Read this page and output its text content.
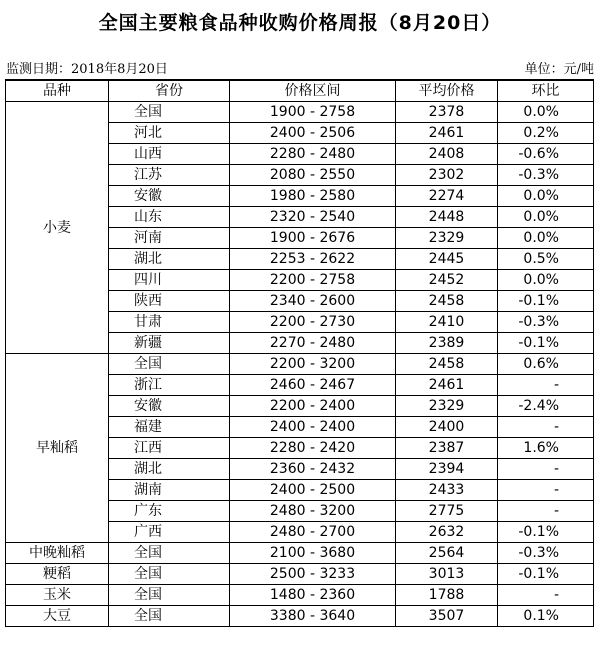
全国主要粮食品种收购价格周报（8月20日）
监测日期：2018年8月20日	单位：元/吨
品种	省份	价格区间	平均价格	环比
小麦	全国	1900 - 2758	2378	0.0%
	河北	2400 - 2506	2461	0.2%
	山西	2280 - 2480	2408	-0.6%
	江苏	2080 - 2550	2302	-0.3%
	安徽	1980 - 2580	2274	0.0%
	山东	2320 - 2540	2448	0.0%
	河南	1900 - 2676	2329	0.0%
	湖北	2253 - 2622	2445	0.5%
	四川	2200 - 2758	2452	0.0%
	陕西	2340 - 2600	2458	-0.1%
	甘肃	2200 - 2730	2410	-0.3%
	新疆	2270 - 2480	2389	-0.1%
早籼稻	全国	2200 - 3200	2458	0.6%
	浙江	2460 - 2467	2461	-
	安徽	2200 - 2400	2329	-2.4%
	福建	2400 - 2400	2400	-
	江西	2280 - 2420	2387	1.6%
	湖北	2360 - 2432	2394	-
	湖南	2400 - 2500	2433	-
	广东	2480 - 3200	2775	-
	广西	2480 - 2700	2632	-0.1%
中晚籼稻	全国	2100 - 3680	2564	-0.3%
粳稻	全国	2500 - 3233	3013	-0.1%
玉米	全国	1480 - 2360	1788	-
大豆	全国	3380 - 3640	3507	0.1%
